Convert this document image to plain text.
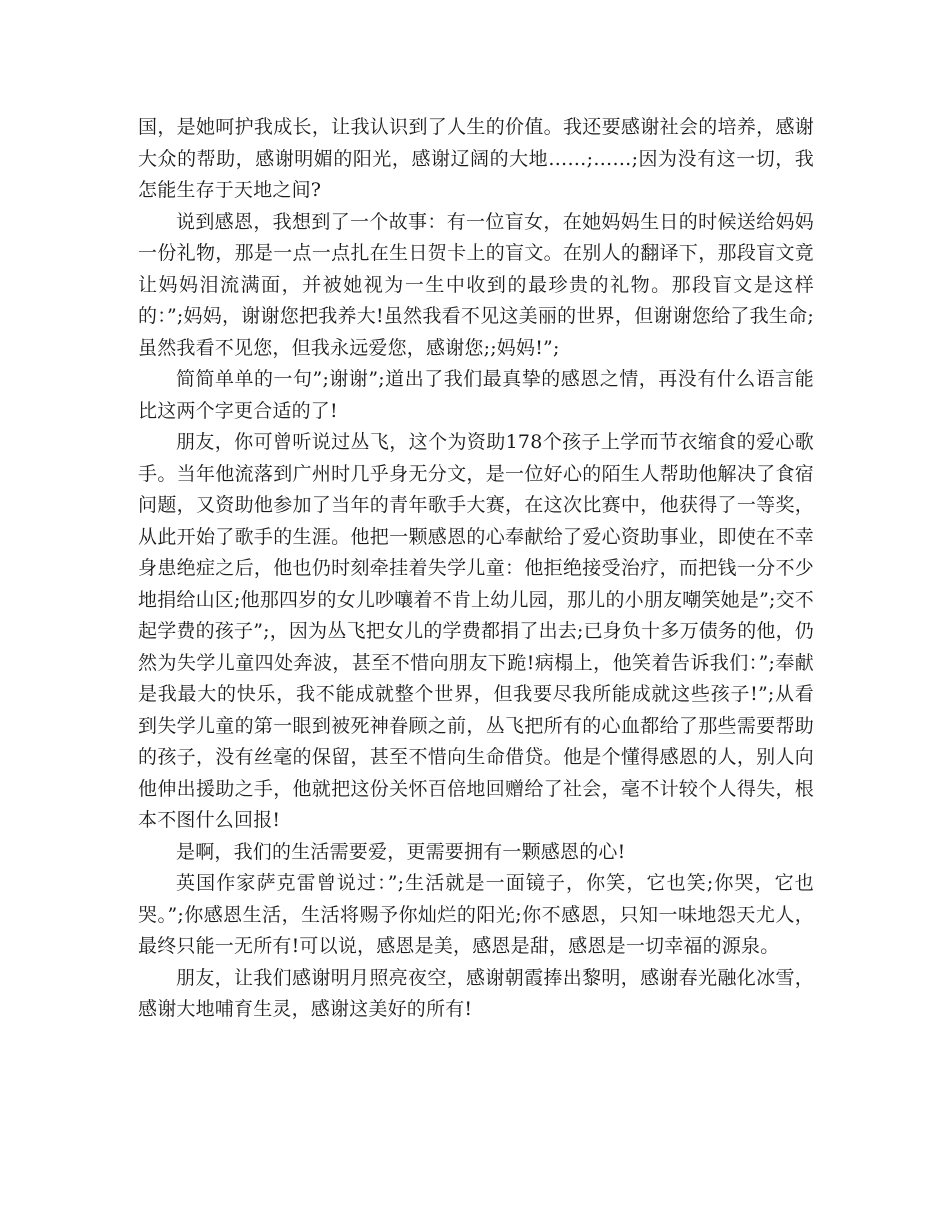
国，是她呵护我成长，让我认识到了人生的价值。我还要感谢社会的培养，感谢大众的帮助，感谢明媚的阳光，感谢辽阔的大地……;……;因为没有这一切，我怎能生存于天地之间?

说到感恩，我想到了一个故事：有一位盲女，在她妈妈生日的时候送给妈妈一份礼物，那是一点一点扎在生日贺卡上的盲文。在别人的翻译下，那段盲文竟让妈妈泪流满面，并被她视为一生中收到的最珍贵的礼物。那段盲文是这样的：”;妈妈，谢谢您把我养大!虽然我看不见这美丽的世界，但谢谢您给了我生命;虽然我看不见您，但我永远爱您，感谢您;;妈妈!”;

简简单单的一句”;谢谢”;道出了我们最真挚的感恩之情，再没有什么语言能比这两个字更合适的了!

朋友，你可曾听说过丛飞，这个为资助178个孩子上学而节衣缩食的爱心歌手。当年他流落到广州时几乎身无分文，是一位好心的陌生人帮助他解决了食宿问题，又资助他参加了当年的青年歌手大赛，在这次比赛中，他获得了一等奖，从此开始了歌手的生涯。他把一颗感恩的心奉献给了爱心资助事业，即使在不幸身患绝症之后，他也仍时刻牵挂着失学儿童：他拒绝接受治疗，而把钱一分不少地捐给山区;他那四岁的女儿吵嚷着不肯上幼儿园，那儿的小朋友嘲笑她是”;交不起学费的孩子”;，因为丛飞把女儿的学费都捐了出去;已身负十多万债务的他，仍然为失学儿童四处奔波，甚至不惜向朋友下跪!病榻上，他笑着告诉我们：”;奉献是我最大的快乐，我不能成就整个世界，但我要尽我所能成就这些孩子!”;从看到失学儿童的第一眼到被死神眷顾之前，丛飞把所有的心血都给了那些需要帮助的孩子，没有丝毫的保留，甚至不惜向生命借贷。他是个懂得感恩的人，别人向他伸出援助之手，他就把这份关怀百倍地回赠给了社会，毫不计较个人得失，根本不图什么回报!

是啊，我们的生活需要爱，更需要拥有一颗感恩的心!

英国作家萨克雷曾说过：”;生活就是一面镜子，你笑，它也笑;你哭，它也哭。”;你感恩生活，生活将赐予你灿烂的阳光;你不感恩，只知一味地怨天尤人，最终只能一无所有!可以说，感恩是美，感恩是甜，感恩是一切幸福的源泉。

朋友，让我们感谢明月照亮夜空，感谢朝霞捧出黎明，感谢春光融化冰雪，感谢大地哺育生灵，感谢这美好的所有!
